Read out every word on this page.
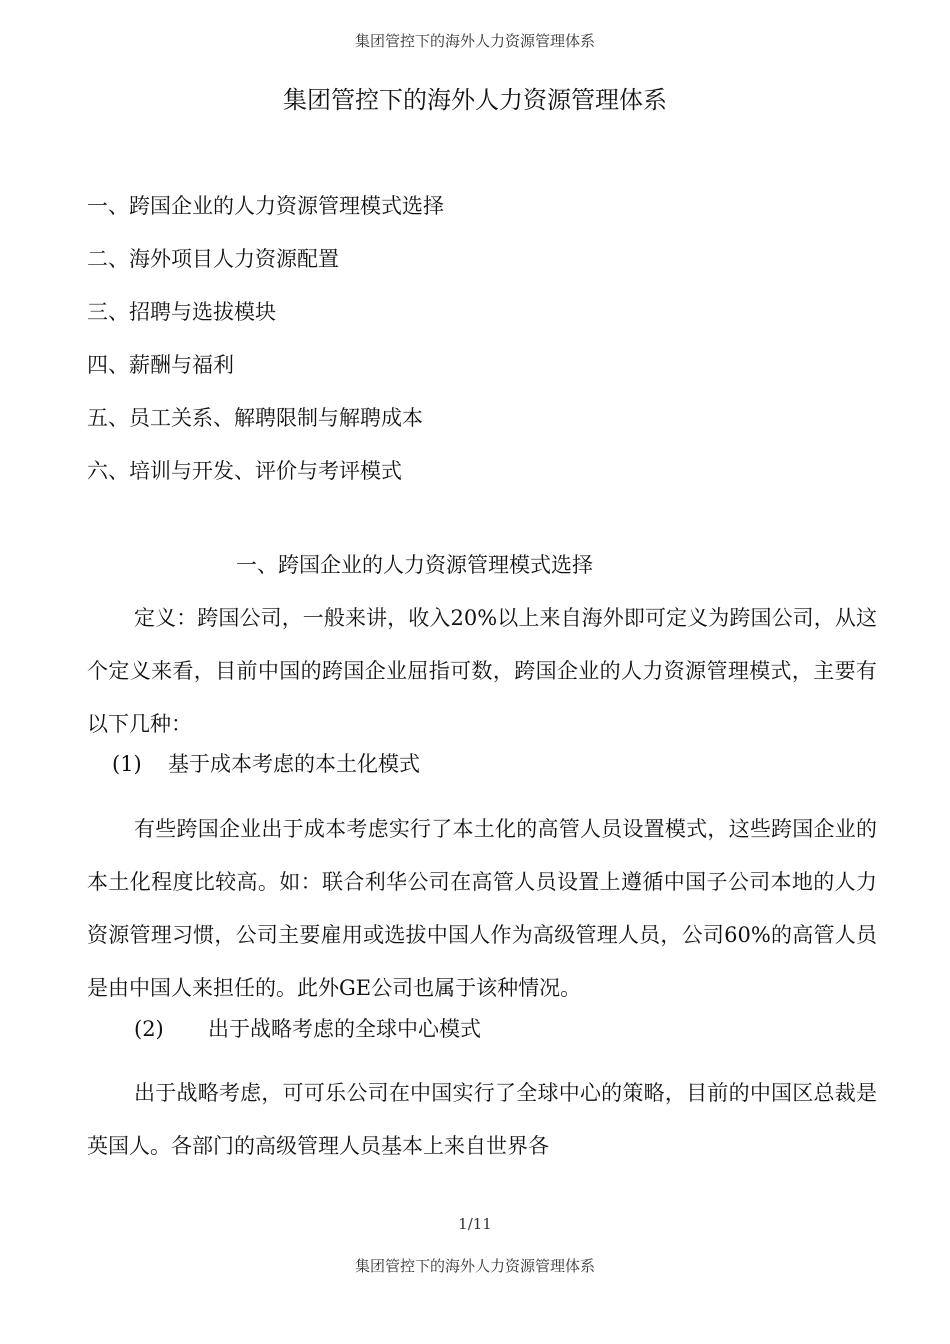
集团管控下的海外人力资源管理体系
集团管控下的海外人力资源管理体系
一、跨国企业的人力资源管理模式选择
二、海外项目人力资源配置
三、招聘与选拔模块
四、薪酬与福利
五、员工关系、解聘限制与解聘成本
六、培训与开发、评价与考评模式
一、跨国企业的人力资源管理模式选择

定义：跨国公司，一般来讲，收入20%以上来自海外即可定义为跨国公司，从这个定义来看，目前中国的跨国企业屈指可数，跨国企业的人力资源管理模式，主要有以下几种：

(1) 基于成本考虑的本土化模式

有些跨国企业出于成本考虑实行了本土化的高管人员设置模式，这些跨国企业的本土化程度比较高。如：联合利华公司在高管人员设置上遵循中国子公司本地的人力资源管理习惯，公司主要雇用或选拔中国人作为高级管理人员，公司60%的高管人员是由中国人来担任的。此外GE公司也属于该种情况。

(2) 出于战略考虑的全球中心模式

出于战略考虑，可可乐公司在中国实行了全球中心的策略，目前的中国区总裁是英国人。各部门的高级管理人员基本上来自世界各

1/11
集团管控下的海外人力资源管理体系
